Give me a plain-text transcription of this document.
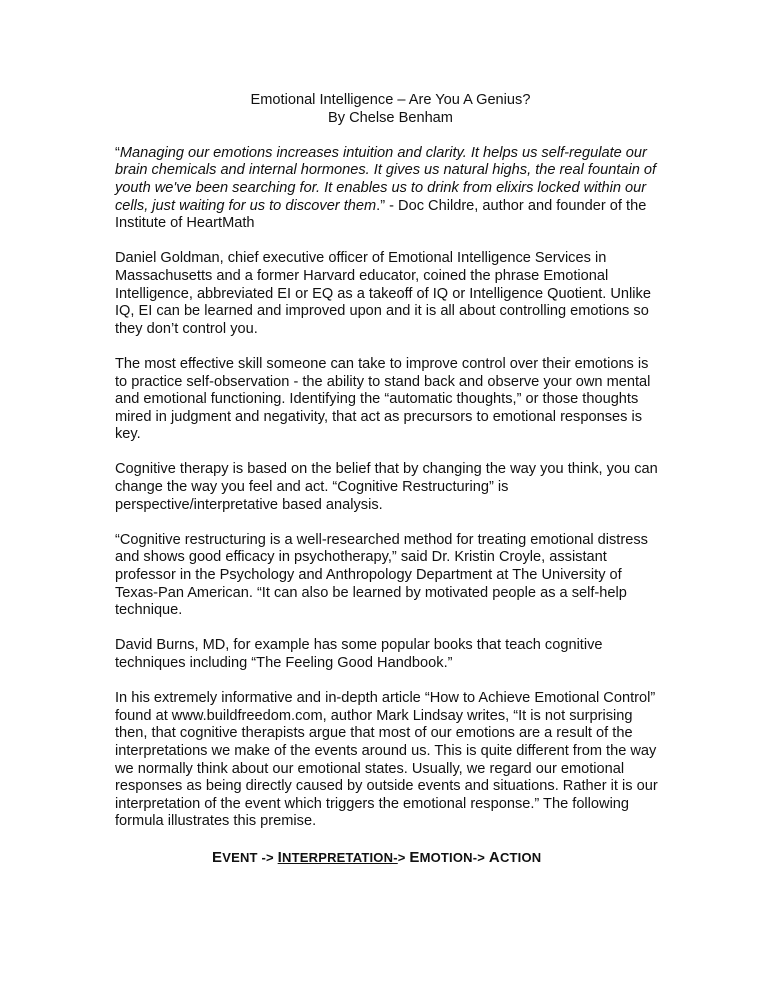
Emotional Intelligence – Are You A Genius?

By Chelse Benham

“Managing our emotions increases intuition and clarity. It helps us self-regulate our brain chemicals and internal hormones. It gives us natural highs, the real fountain of youth we've been searching for. It enables us to drink from elixirs locked within our cells, just waiting for us to discover them.” - Doc Childre, author and founder of the Institute of HeartMath

Daniel Goldman, chief executive officer of Emotional Intelligence Services in Massachusetts and a former Harvard educator, coined the phrase Emotional Intelligence, abbreviated EI or EQ as a takeoff of IQ or Intelligence Quotient. Unlike IQ, EI can be learned and improved upon and it is all about controlling emotions so they don’t control you.

The most effective skill someone can take to improve control over their emotions is to practice self-observation - the ability to stand back and observe your own mental and emotional functioning. Identifying the “automatic thoughts,” or those thoughts mired in judgment and negativity, that act as precursors to emotional responses is key.

Cognitive therapy is based on the belief that by changing the way you think, you can change the way you feel and act. “Cognitive Restructuring” is perspective/interpretative based analysis.

“Cognitive restructuring is a well-researched method for treating emotional distress and shows good efficacy in psychotherapy,” said Dr. Kristin Croyle, assistant professor in the Psychology and Anthropology Department at The University of Texas-Pan American. “It can also be learned by motivated people as a self-help technique.

David Burns, MD, for example has some popular books that teach cognitive techniques including “The Feeling Good Handbook.”

In his extremely informative and in-depth article “How to Achieve Emotional Control” found at www.buildfreedom.com, author Mark Lindsay writes, “It is not surprising then, that cognitive therapists argue that most of our emotions are a result of the interpretations we make of the events around us. This is quite different from the way we normally think about our emotional states. Usually, we regard our emotional responses as being directly caused by outside events and situations. Rather it is our interpretation of the event which triggers the emotional response.” The following formula illustrates this premise.

EVENT -> INTERPRETATION-> EMOTION-> ACTION
